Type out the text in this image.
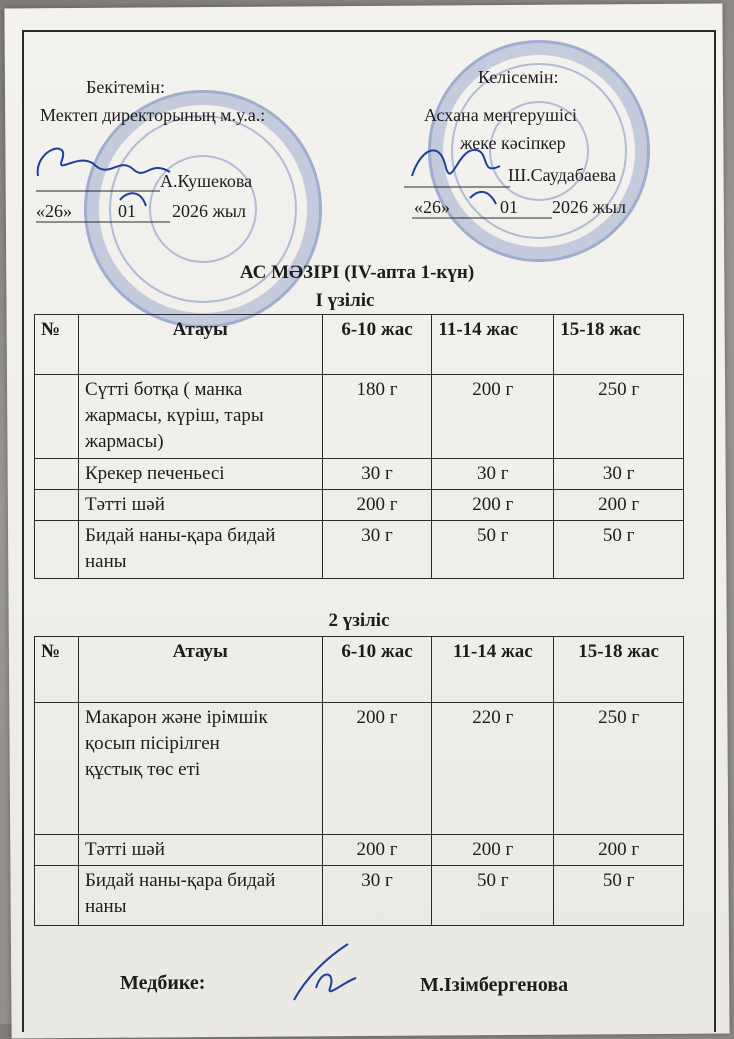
Бекітемін:
Мектеп директорының м.у.а.:
А.Кушекова
«26»	01 2026 жыл
Келісемін:
Асхана меңгерушісі
жеке кәсіпкер
Ш.Саудабаева
«26»	01 2026 жыл
АС МӘЗІРІ (IV-апта 1-күн)
I үзіліс
№	Атауы	6-10 жас	11-14 жас	15-18 жас
	Сүтті ботқа ( манка жармасы, күріш, тары жармасы)	180 г	200 г	250 г
	Крекер печеньесі	30 г	30 г	30 г
	Тәтті шәй	200 г	200 г	200 г
	Бидай наны-қара бидай наны	30 г	50 г	50 г
2 үзіліс
№	Атауы	6-10 жас	11-14 жас	15-18 жас
	Макарон және ірімшік қосып пісірілген құстық төс еті	200 г	220 г	250 г
	Тәтті шәй	200 г	200 г	200 г
	Бидай наны-қара бидай наны	30 г	50 г	50 г
Медбике:	М.Ізімбергенова
